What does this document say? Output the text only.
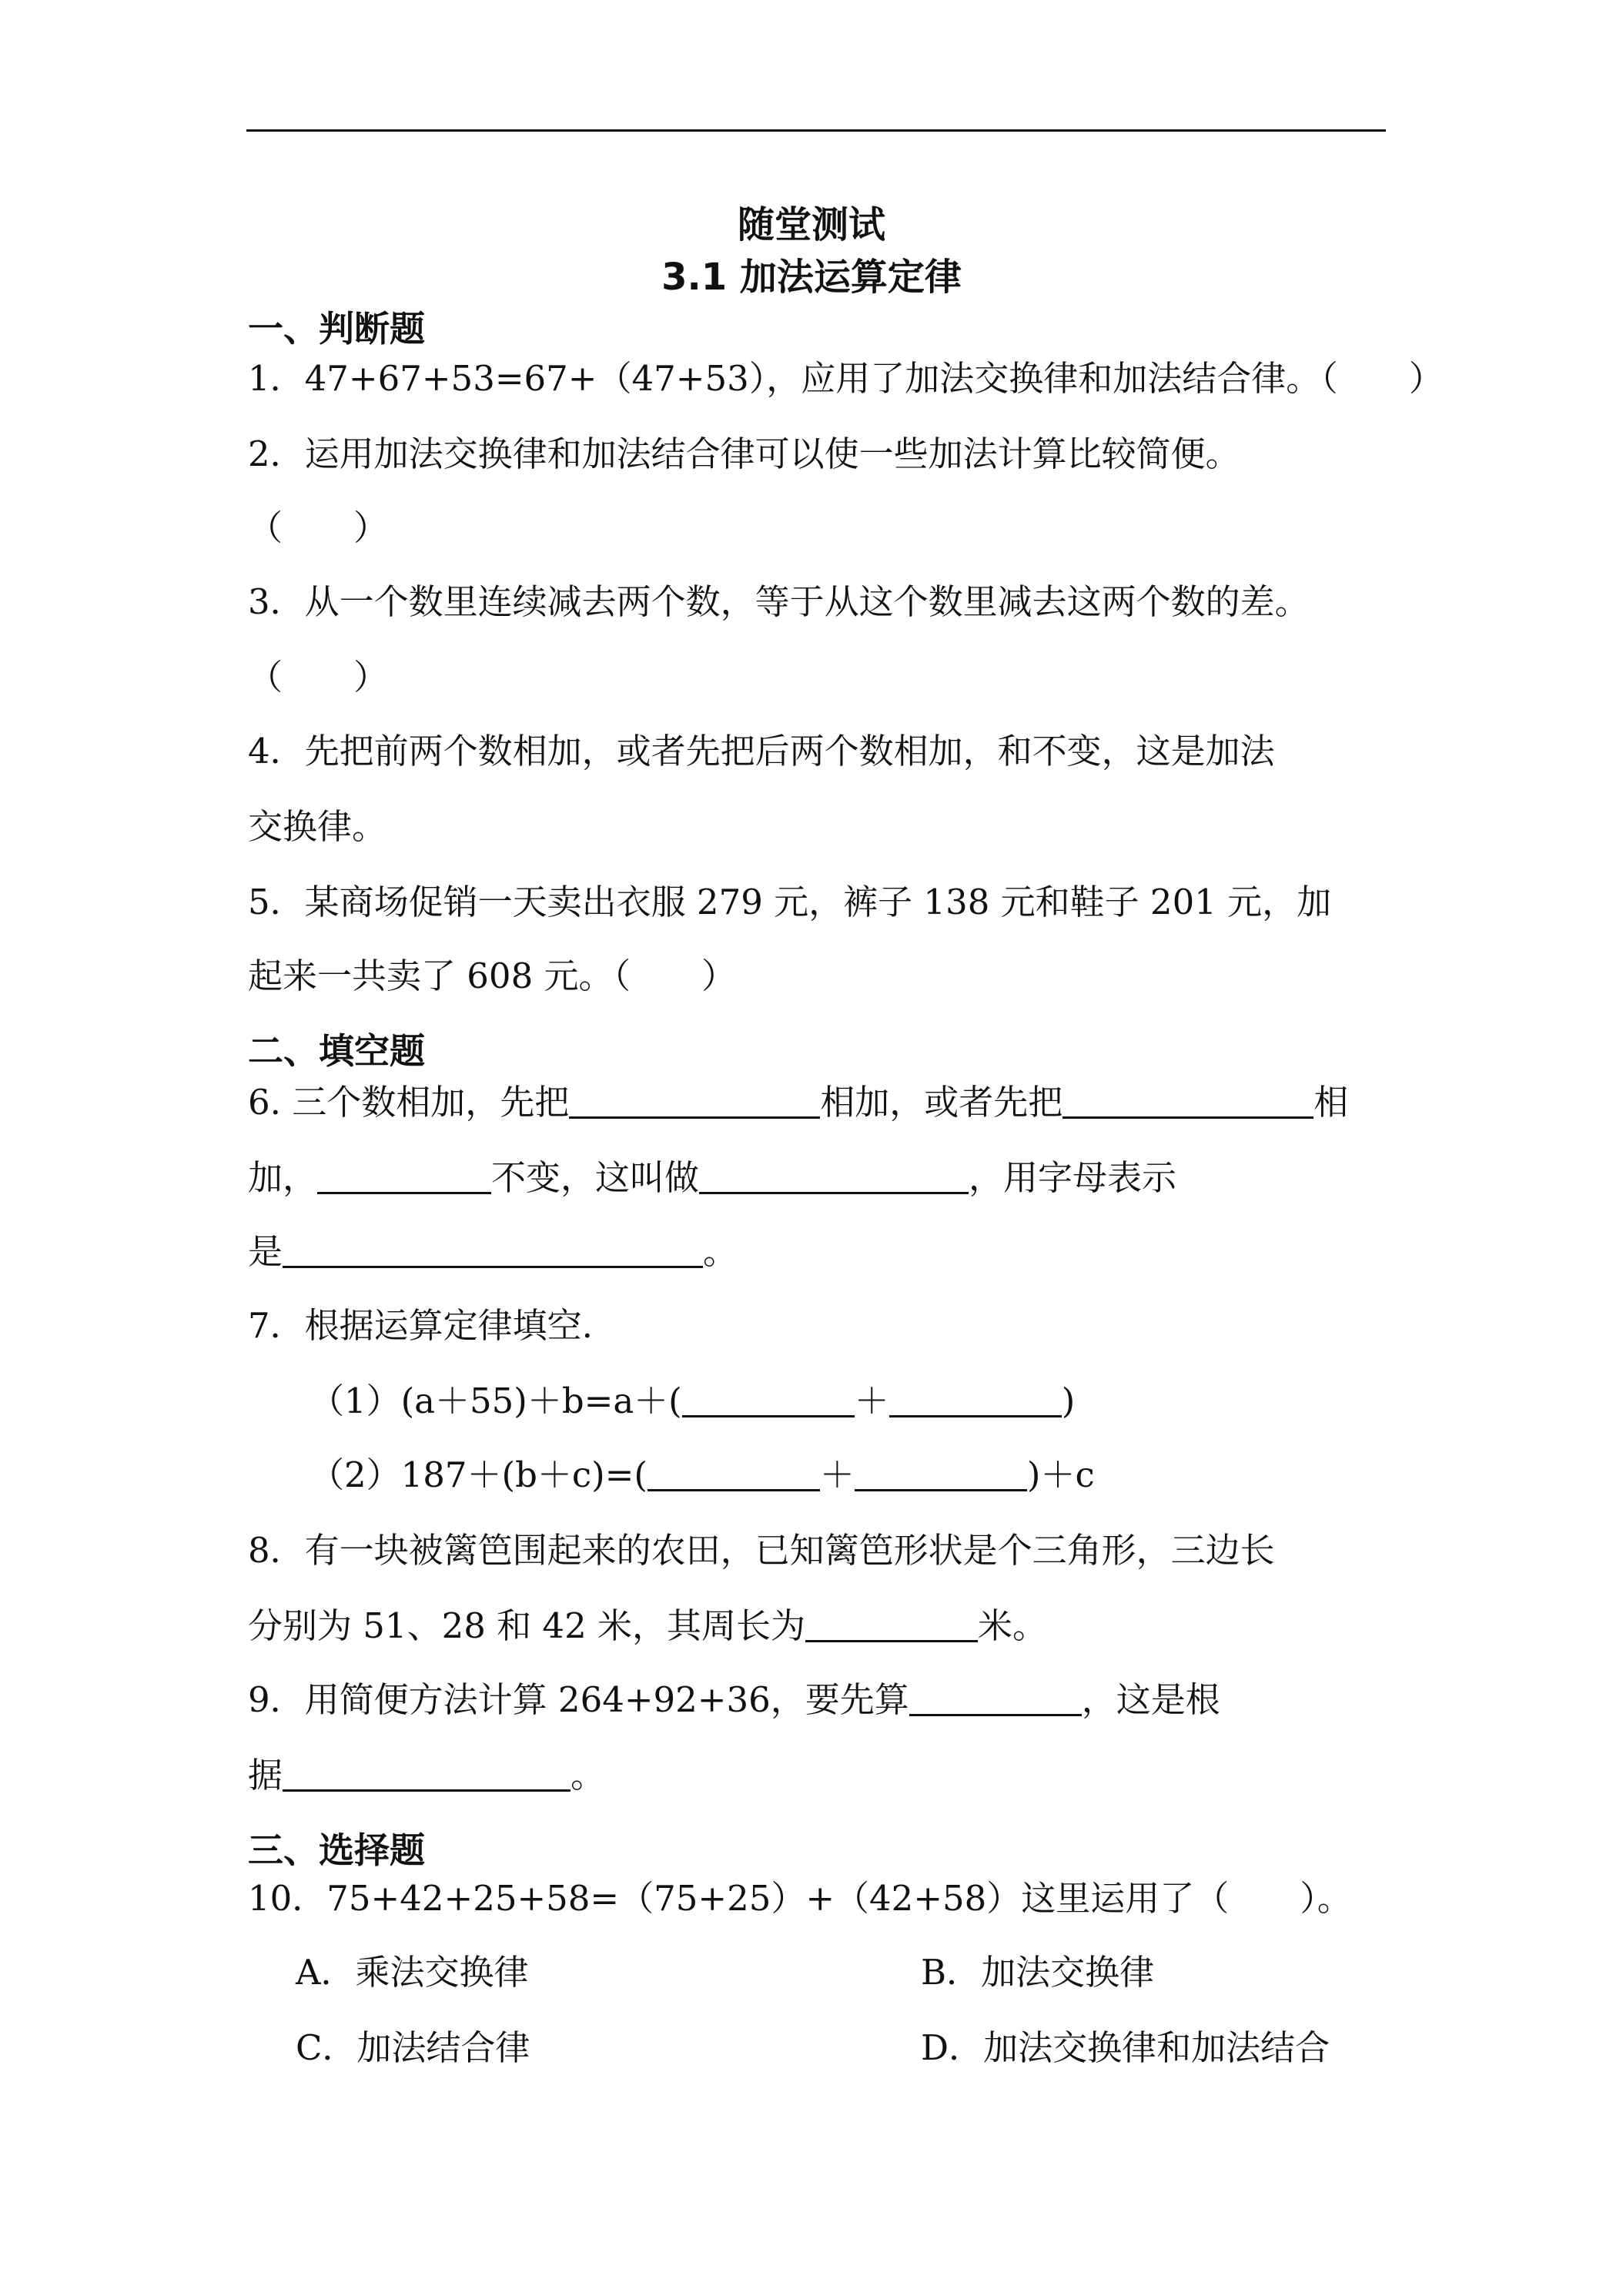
随堂测试
3.1 加法运算定律
一、判断题
1．47+67+53=67+（47+53），应用了加法交换律和加法结合律。（ ）
2．运用加法交换律和加法结合律可以使一些加法计算比较简便。
（ ）
3．从一个数里连续减去两个数，等于从这个数里减去这两个数的差。
（ ）
4．先把前两个数相加，或者先把后两个数相加，和不变，这是加法
交换律。
5．某商场促销一天卖出衣服 279 元，裤子 138 元和鞋子 201 元，加
起来一共卖了 608 元。（ ）
二、填空题
6. 三个数相加，先把	相加，或者先把	相
加，	不变，这叫做	，用字母表示
是	。
7．根据运算定律填空.
（1）(a＋55)＋b=a＋(	＋	)
（2）187＋(b＋c)=(	＋	)＋c
8．有一块被篱笆围起来的农田，已知篱笆形状是个三角形，三边长
分别为 51、28 和 42 米，其周长为	米。
9．用简便方法计算 264+92+36，要先算	，这是根
据	。
三、选择题
10．75+42+25+58=（75+25）+（42+58）这里运用了（ ）。
A．乘法交换律	B．加法交换律
C．加法结合律	D．加法交换律和加法结合
